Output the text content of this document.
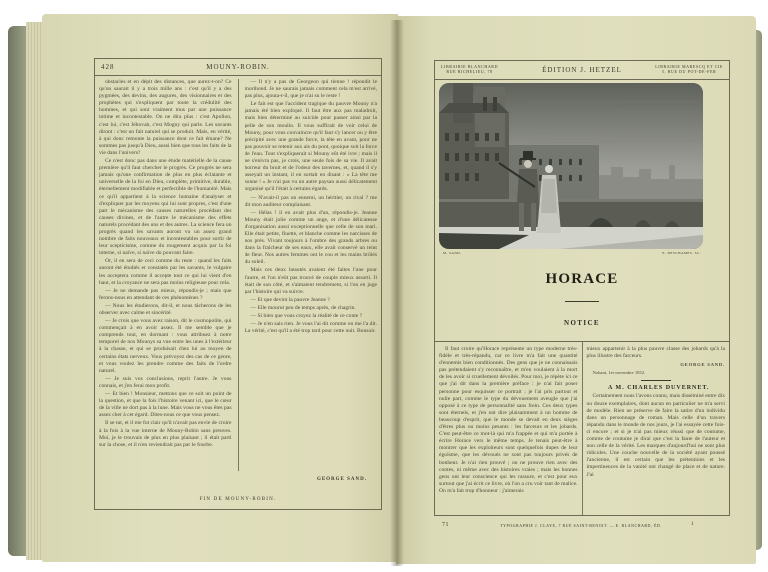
428	MOUNY-ROBIN.

obstacles et en dépit des distances, que aurez-t-on? Ce qu'on saurait il y a trois mille ans : c'est qu'il y a des pygmées, des devins, des augures, des visionnaires et des prophètes qui s'expliquent par toute la crédulité des hommes, et qui sont vraiment mus par une puissance intime et incontestable. On ne dira plus : c'est Apollon, c'est lui, c'est Jéhovah, c'est Mogny qui parle. Les savants diront : c'est un fait naturel qui se produit. Mais, en vérité, à qui donc remonte la puissance dont ce fait émane? Ne sommes pas jusqu'à Dieu, aussi bien que tous les faits de la vie dans l'univers?

Ce n'est donc pas dans une étude matérielle de la cause première qu'il faut chercher le progrès. Ce progrès ne sera jamais qu'une confirmation de plus en plus éclatante et universelle de la foi en Dieu, complète, primitive, durable, éternellement modifiable et perfectible de l'humanité. Mais ce qu'il appartient à la science humaine d'analyser et d'expliquer par les moyens qui lui sont propres, c'est d'une part le mécanisme des causes naturelles procédant des causes divines, et de l'autre le mécanisme des effets naturels procédant des uns et des autres. La science fera un progrès quand les savants auront vu un assez grand nombre de faits nouveaux et incontestables pour sortir de leur scepticisme, comme du rougement acquis par la foi interne, si naïve, si naïve du pouvant faire.

Or, il en sera de ceci comme du reste : quand les faits auront été étudiés et constatés par les savants, le vulgaire les acceptera comme il accepte tout ce qui lui vient d'en haut, et la croyance ne sera pas moins religieuse pour cela.

— Je ne demande pas mieux, répondis-je ; mais que ferons-nous en attendant de ces phénomènes ?

— Nous les étudierons, dit-il, et nous tâcherons de les observer avec calme et sincérité.

— Je crois que vous avez raison, dit le cosmopolite, qui commençait à en avoir assez. Il me semble que je comprends tout, en dormant : vous attribuez à notre temporel de nos Mounys sa vue entre les unes à l'extérieur à la chasse, et qui se produisait chez lui au moyen de certains états nerveux. Vous prévoyez des cas de ce genre, et vous voulez les prendre comme des faits de l'ordre naturel.

— Je suis vos conclusions, reprit l'autre. Je vous connais, et j'en ferai mon profit.

— Et bien ! Monsieur, mettons que ce soit un point de la question, et que la fois l'histoire venant ici, que le cœur de la ville ne dort pas à la lune. Mais vous ne vous êtes pas assez cher à cet égard. Dites-nous ce que vous pensez.

Il se tut, et il me fut clair qu'il n'avait pas envie de croire à la fois à la vue interne de Mouny-Robin sans preuves. Moi, je le trouvais de plus en plus plaisant ; il était parti sur la chose, et il n'en reviendrait pas par le fourbe.

— Il n'y a pas de Georgeon qui tienne ! répondit le moribond. Je ne saurais jamais comment cela m'est arrivé, pas plus, ajouta-t-il, que je n'ai su le reste !

Le fait est que l'accident tragique du pauvre Mouny n'a jamais été bien expliqué. Il faut être aux pas maladroit, mais bien déterminé au suicide pour passer ainsi par la pelle de son moulin. Il vous suffirait de voir celui de Mouny, pour vous convaincre qu'il faut s'y lancer ou y être précipité avec une grande force, la tête en avant, pour ne pas pouvoir se retenir aux ais du pont, quoique soit la force de l'eau. Tout s'expliquerait si Mouny eût été ivre ; mais il ne s'enivra pas, je crois, une seule fois de sa vie. Il avait horreur du bruit et de l'odeur des tavernes, et, quand il s'y asseyait un instant, il en sortait en disant : « La tête me sonne ! » Je n'ai pas vu un autre paysan aussi délicatement organisé qu'il l'était à certains égards.

— N'avait-il pas un ennemi, un héritier, un rival ? me dit mon auditeur complaisant.

— Hélas ! il en avait plus d'un, répondis-je. Jeanne Mouny était jolie comme un ange, et d'une délicatesse d'organisation aussi exceptionnelle que celle de son mari. Elle était petite, fluette, et blanche comme les narcisses de nos prés. Vivant toujours à l'ombre des grands arbres ou dans la fraîcheur de ses eaux, elle avait conservé un teint de fleur. Nos autres femmes ont le cou et les mains brûlés du soleil.

Mais ces deux beautés avaient été faites l'une pour l'autre, et l'on n'eût pas trouvé de couple mieux assorti. Il était de son côté, et s'aimaient tendrement, si l'on en juge par l'histoire qui va suivre.

— Et que devint la pauvre Jeanne ?

— Elle mourut peu de temps après, de chagrin.

— Si bien que vous croyez la réalité de ce conte ?

— Je n'en sais rien. Je vous l'ai dit comme on me l'a dit. La vérité, c'est qu'il a été trop tard pour cette nuit. Bonsoir.

GEORGE SAND.
FIN DE MOUNY-ROBIN.
LIBRAIRIE BLANCHARD
RUE RICHELIEU, 78	ÉDITION J. HETZEL	LIBRAIRIE MARESCQ ET CIE
5, RUE DU POT-DE-FER
M. SAND.	E. DESCHAMPS. SC.
HORACE
NOTICE

Il faut croire qu'Horace représente un type moderne très-fidèle et très-répandu, car ce livre m'a fait une quantité d'ennemis bien conditionnés. Des gens que je ne connaissais pas prétendaient s'y reconnaître, et m'en voulaient à la mort de les avoir si cruellement dévoilés. Pour moi, je répète ici ce que j'ai dit dans la première préface : je n'ai fait poser personne pour esquisser ce portrait ; je l'ai pris partout et nulle part, comme le type du dévouement aveugle que j'ai opposé à ce type de personnalité sans frein. Ces deux types sont éternels, et j'en ont dire plaisamment à un homme de beaucoup d'esprit, que le monde se devait en deux sièges d'êtres plus ou moins pesants : les farceurs et les jobards. C'est peut-être ce mot-là qui m'a frappée et qui m'a portée à écrire Horace vers le même temps. Je tenais peut-être à montrer que les exploiteurs sont quelquefois dupes de leur égoïsme, que les dévoués ne sont pas toujours privés de bonheur. Je n'ai rien prouvé ; on ne prouve rien avec des contes, ni même avec des histoires vraies ; mais les bonnes gens ont leur conscience qui les rassure, et c'est pour eux surtout que j'ai écrit ce livre, où l'on a cru voir tant de malice. On m'a fait trop d'honneur : j'aimerais

mieux appartenir à la plus pauvre classe des jobards qu'à la plus illustre des farceurs.

GEORGE SAND.

Nohant, 1er novembre 1852.

A M. CHARLES DUVERNET.

Certainement nous l'avons connu, mais disséminé entre dix ou douze exemplaires, dont aucun en particulier ne m'a servi de modèle. Rien ne préserve de faire la satire d'un individu dans un personnage de roman. Mais celle d'un travers répandu dans le monde de nos jours, je l'ai essayée cette fois-ci encore ; et si je n'ai pas mieux réussi que de coutume, comme de coutume je dirai que c'est la faute de l'auteur et non celle de la vérité. Les marques d'aujourd'hui ne sont plus ridicules. Une couche nouvelle de la société ayant poussé l'ancienne, il est certain que les prétentions et les impertinences de la vanité ont changé de place et de nature. J'ai

71	TYPOGRAPHIE J. CLAYE, 7 RUE SAINT-BENOIT. — E. BLANCHARD, ÉD.	1
